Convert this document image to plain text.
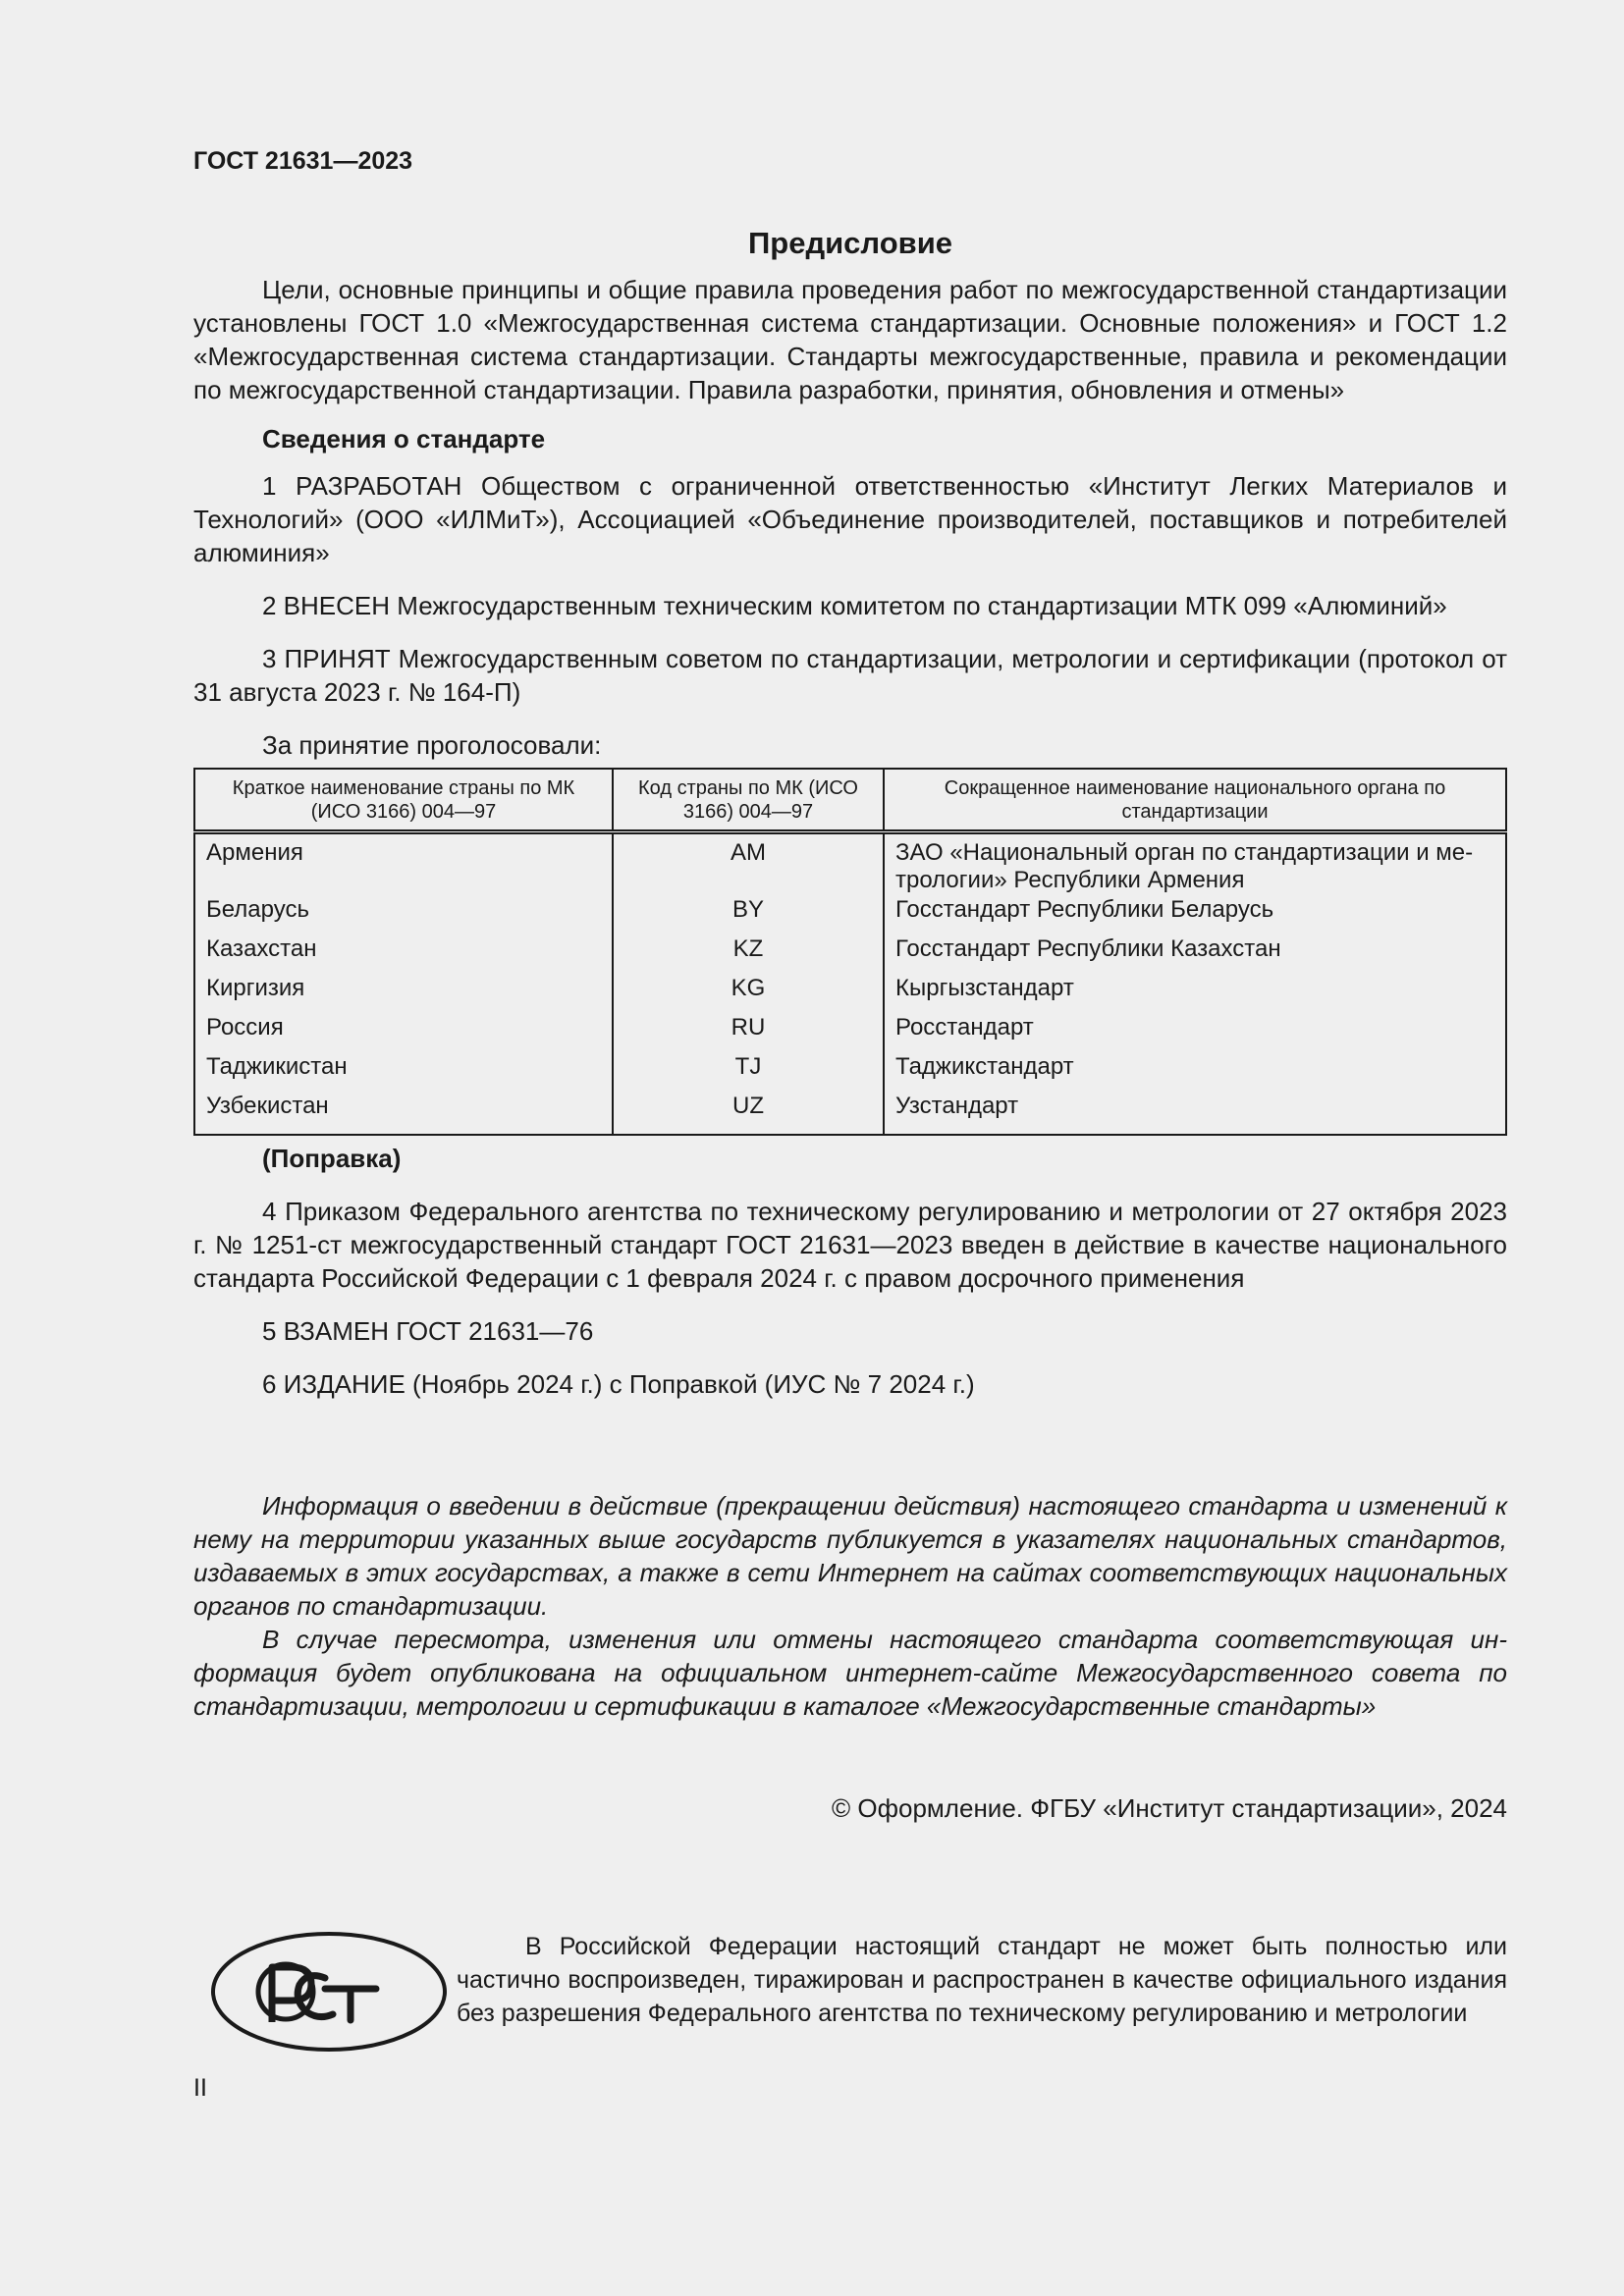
ГОСТ 21631—2023
Предисловие

Цели, основные принципы и общие правила проведения работ по межгосударственной стандартизации установлены ГОСТ 1.0 «Межгосударственная система стандартизации. Основные положения» и ГОСТ 1.2 «Межгосударственная система стандартизации. Стандарты межгосударственные, правила и рекомендации по межгосударственной стандартизации. Правила разработки, принятия, обновления и отмены»

Сведения о стандарте

1 РАЗРАБОТАН Обществом с ограниченной ответственностью «Институт Легких Материалов и Технологий» (ООО «ИЛМиТ»), Ассоциацией «Объединение производителей, поставщиков и потребителей алюминия»

2 ВНЕСЕН Межгосударственным техническим комитетом по стандартизации МТК 099 «Алюминий»

3 ПРИНЯТ Межгосударственным советом по стандартизации, метрологии и сертификации (протокол от 31 августа 2023 г. № 164-П)

За принятие проголосовали:

Краткое наименование страны по МК (ИСО 3166) 004—97	Код страны по МК (ИСО 3166) 004—97	Сокращенное наименование национального органа по стандартизации
Армения	AM	ЗАО «Национальный орган по стандартизации и метрологии» Республики Армения
Беларусь	BY	Госстандарт Республики Беларусь
Казахстан	KZ	Госстандарт Республики Казахстан
Киргизия	KG	Кыргызстандарт
Россия	RU	Росстандарт
Таджикистан	TJ	Таджикстандарт
Узбекистан	UZ	Узстандарт

(Поправка)

4 Приказом Федерального агентства по техническому регулированию и метрологии от 27 октября 2023 г. № 1251-ст межгосударственный стандарт ГОСТ 21631—2023 введен в действие в качестве национального стандарта Российской Федерации с 1 февраля 2024 г. с правом досрочного применения

5 ВЗАМЕН ГОСТ 21631—76

6 ИЗДАНИЕ (Ноябрь 2024 г.) с Поправкой (ИУС № 7 2024 г.)

Информация о введении в действие (прекращении действия) настоящего стандарта и изменений к нему на территории указанных выше государств публикуется в указателях национальных стандартов, издаваемых в этих государствах, а также в сети Интернет на сайтах соответствующих национальных органов по стандартизации.

В случае пересмотра, изменения или отмены настоящего стандарта соответствующая информация будет опубликована на официальном интернет-сайте Межгосударственного совета по стандартизации, метрологии и сертификации в каталоге «Межгосударственные стандарты»

© Оформление. ФГБУ «Институт стандартизации», 2024

РСТ

В Российской Федерации настоящий стандарт не может быть полностью или частично воспроизведен, тиражирован и распространен в качестве официального издания без разрешения Федерального агентства по техническому регулированию и метрологии

II
